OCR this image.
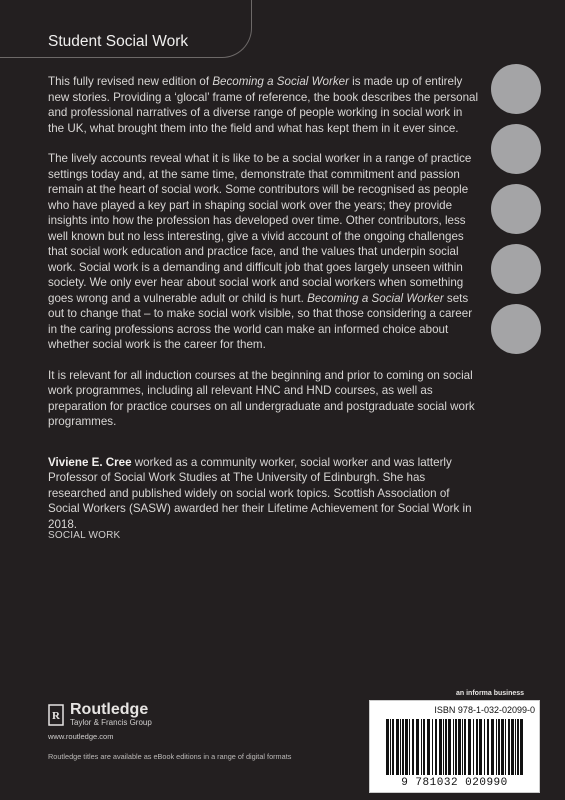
Student Social Work

This fully revised new edition of Becoming a Social Worker is made up of entirely new stories. Providing a ‘glocal’ frame of reference, the book describes the personal and professional narratives of a diverse range of people working in social work in the UK, what brought them into the field and what has kept them in it ever since.

The lively accounts reveal what it is like to be a social worker in a range of practice settings today and, at the same time, demonstrate that commitment and passion remain at the heart of social work. Some contributors will be recognised as people who have played a key part in shaping social work over the years; they provide insights into how the profession has developed over time. Other contributors, less well known but no less interesting, give a vivid account of the ongoing challenges that social work education and practice face, and the values that underpin social work. Social work is a demanding and difficult job that goes largely unseen within society. We only ever hear about social work and social workers when something goes wrong and a vulnerable adult or child is hurt. Becoming a Social Worker sets out to change that – to make social work visible, so that those considering a career in the caring professions across the world can make an informed choice about whether social work is the career for them.

It is relevant for all induction courses at the beginning and prior to coming on social work programmes, including all relevant HNC and HND courses, as well as preparation for practice courses on all undergraduate and postgraduate social work programmes.

Viviene E. Cree worked as a community worker, social worker and was latterly Professor of Social Work Studies at The University of Edinburgh. She has researched and published widely on social work topics. Scottish Association of Social Workers (SASW) awarded her their Lifetime Achievement for Social Work in 2018.

SOCIAL WORK
R Routledge
Taylor & Francis Group
www.routledge.com
Routledge titles are available as eBook editions in a range of digital formats
an informa business
ISBN 978-1-032-02099-0
9 781032 020990
